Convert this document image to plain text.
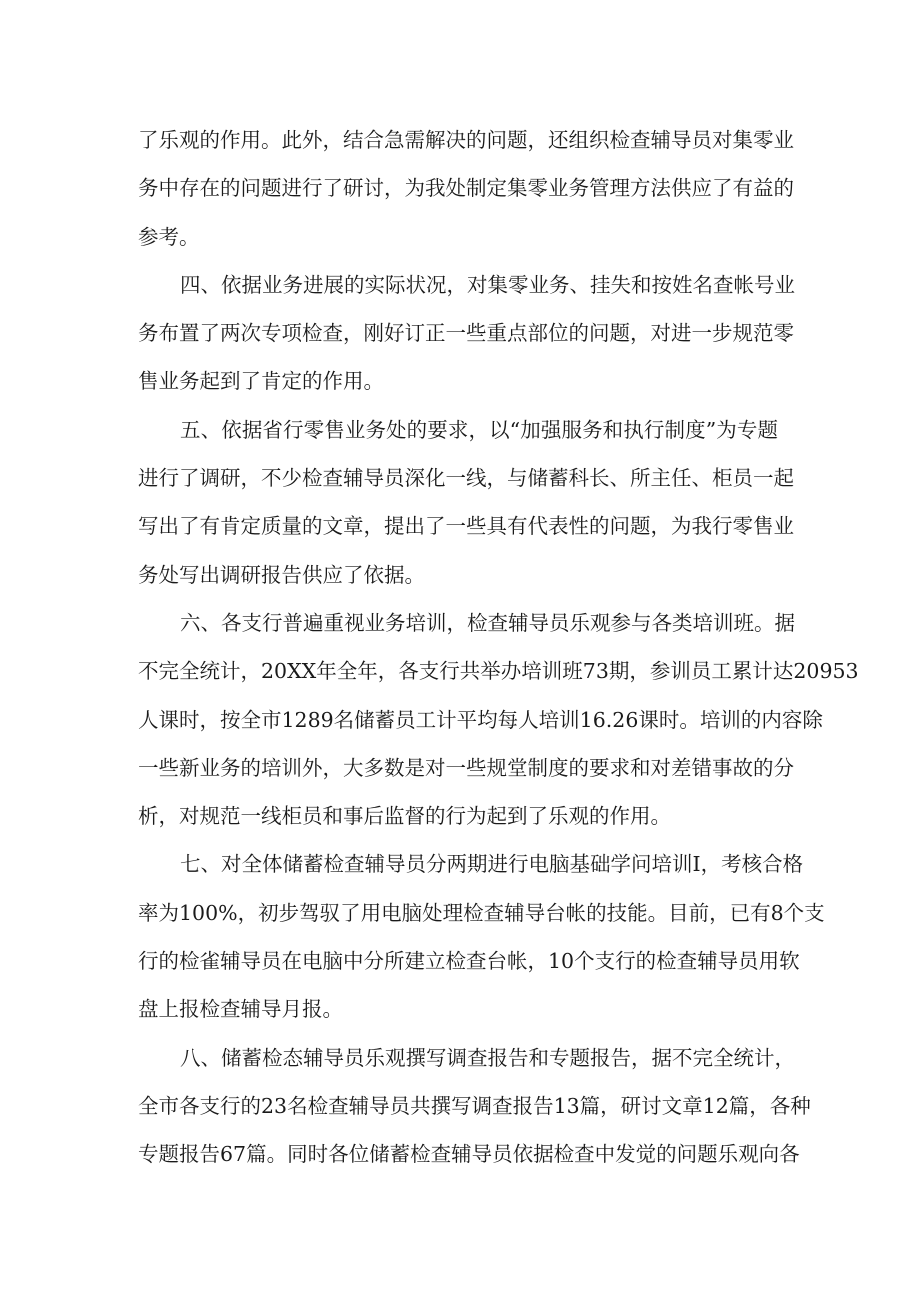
了乐观的作用。此外，结合急需解决的问题，还组织检查辅导员对集零业
务中存在的问题进行了研讨，为我处制定集零业务管理方法供应了有益的
参考。
四、依据业务进展的实际状况，对集零业务、挂失和按姓名查帐号业
务布置了两次专项检查，刚好订正一些重点部位的问题，对进一步规范零
售业务起到了肯定的作用。
五、依据省行零售业务处的要求，以“加强服务和执行制度”为专题
进行了调研，不少检查辅导员深化一线，与储蓄科长、所主任、柜员一起
写出了有肯定质量的文章，提出了一些具有代表性的问题，为我行零售业
务处写出调研报告供应了依据。
六、各支行普遍重视业务培训，检查辅导员乐观参与各类培训班。据
不完全统计，20XX年全年，各支行共举办培训班73期，参训员工累计达20953
人课时，按全市1289名储蓄员工计平均每人培训16.26课时。培训的内容除
一些新业务的培训外，大多数是对一些规堂制度的要求和对差错事故的分
析，对规范一线柜员和事后监督的行为起到了乐观的作用。
七、对全体储蓄检查辅导员分两期进行电脑基础学问培训I，考核合格
率为100%，初步驾驭了用电脑处理检查辅导台帐的技能。目前，已有8个支
行的检雀辅导员在电脑中分所建立检查台帐，10个支行的检查辅导员用软
盘上报检查辅导月报。
八、储蓄检态辅导员乐观撰写调查报告和专题报告，据不完全统计，
全市各支行的23名检查辅导员共撰写调查报告13篇，研讨文章12篇，各种
专题报告67篇。同时各位储蓄检查辅导员依据检查中发觉的问题乐观向各
